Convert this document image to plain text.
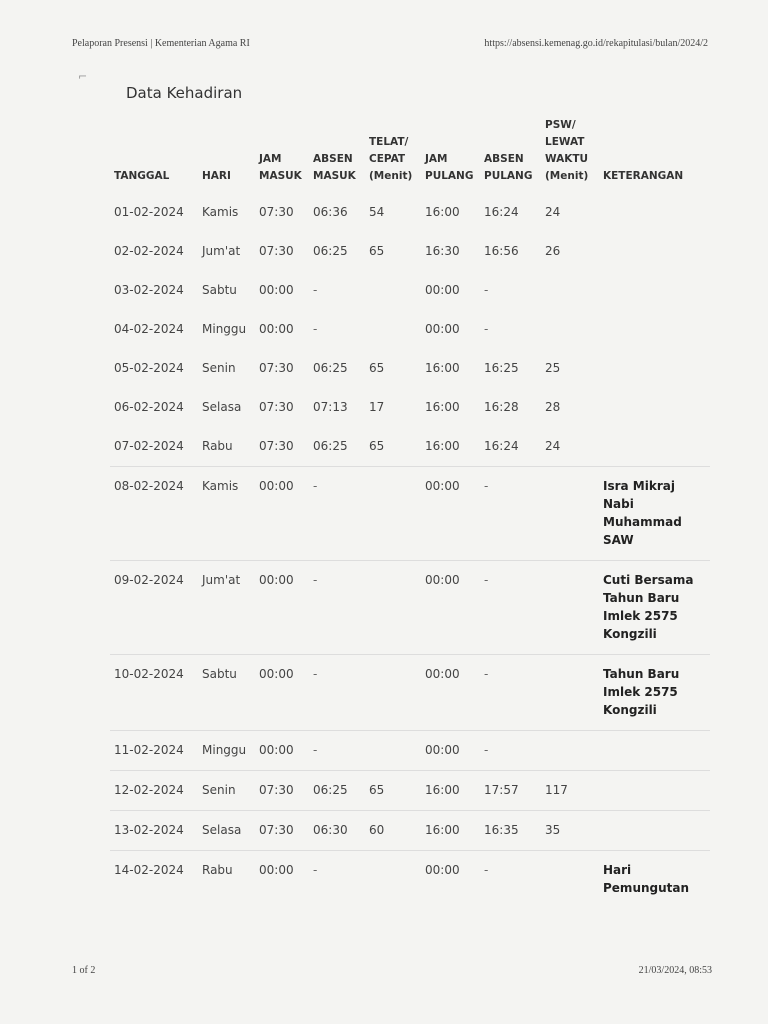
Pelaporan Presensi | Kementerian Agama RI	https://absensi.kemenag.go.id/rekapitulasi/bulan/2024/2
⌐
Data Kehadiran
TANGGAL	HARI	JAM MASUK	ABSEN MASUK	TELAT/ CEPAT (Menit)	JAM PULANG	ABSEN PULANG	PSW/ LEWAT WAKTU (Menit)	KETERANGAN
01-02-2024	Kamis	07:30	06:36	54	16:00	16:24	24	
02-02-2024	Jum'at	07:30	06:25	65	16:30	16:56	26	
03-02-2024	Sabtu	00:00	-		00:00	-		
04-02-2024	Minggu	00:00	-		00:00	-		
05-02-2024	Senin	07:30	06:25	65	16:00	16:25	25	
06-02-2024	Selasa	07:30	07:13	17	16:00	16:28	28	
07-02-2024	Rabu	07:30	06:25	65	16:00	16:24	24	
08-02-2024	Kamis	00:00	-		00:00	-		Isra Mikraj Nabi Muhammad SAW
09-02-2024	Jum'at	00:00	-		00:00	-		Cuti Bersama Tahun Baru Imlek 2575 Kongzili
10-02-2024	Sabtu	00:00	-		00:00	-		Tahun Baru Imlek 2575 Kongzili
11-02-2024	Minggu	00:00	-		00:00	-		
12-02-2024	Senin	07:30	06:25	65	16:00	17:57	117	
13-02-2024	Selasa	07:30	06:30	60	16:00	16:35	35	
14-02-2024	Rabu	00:00	-		00:00	-		Hari Pemungutan
1 of 2	21/03/2024, 08:53
